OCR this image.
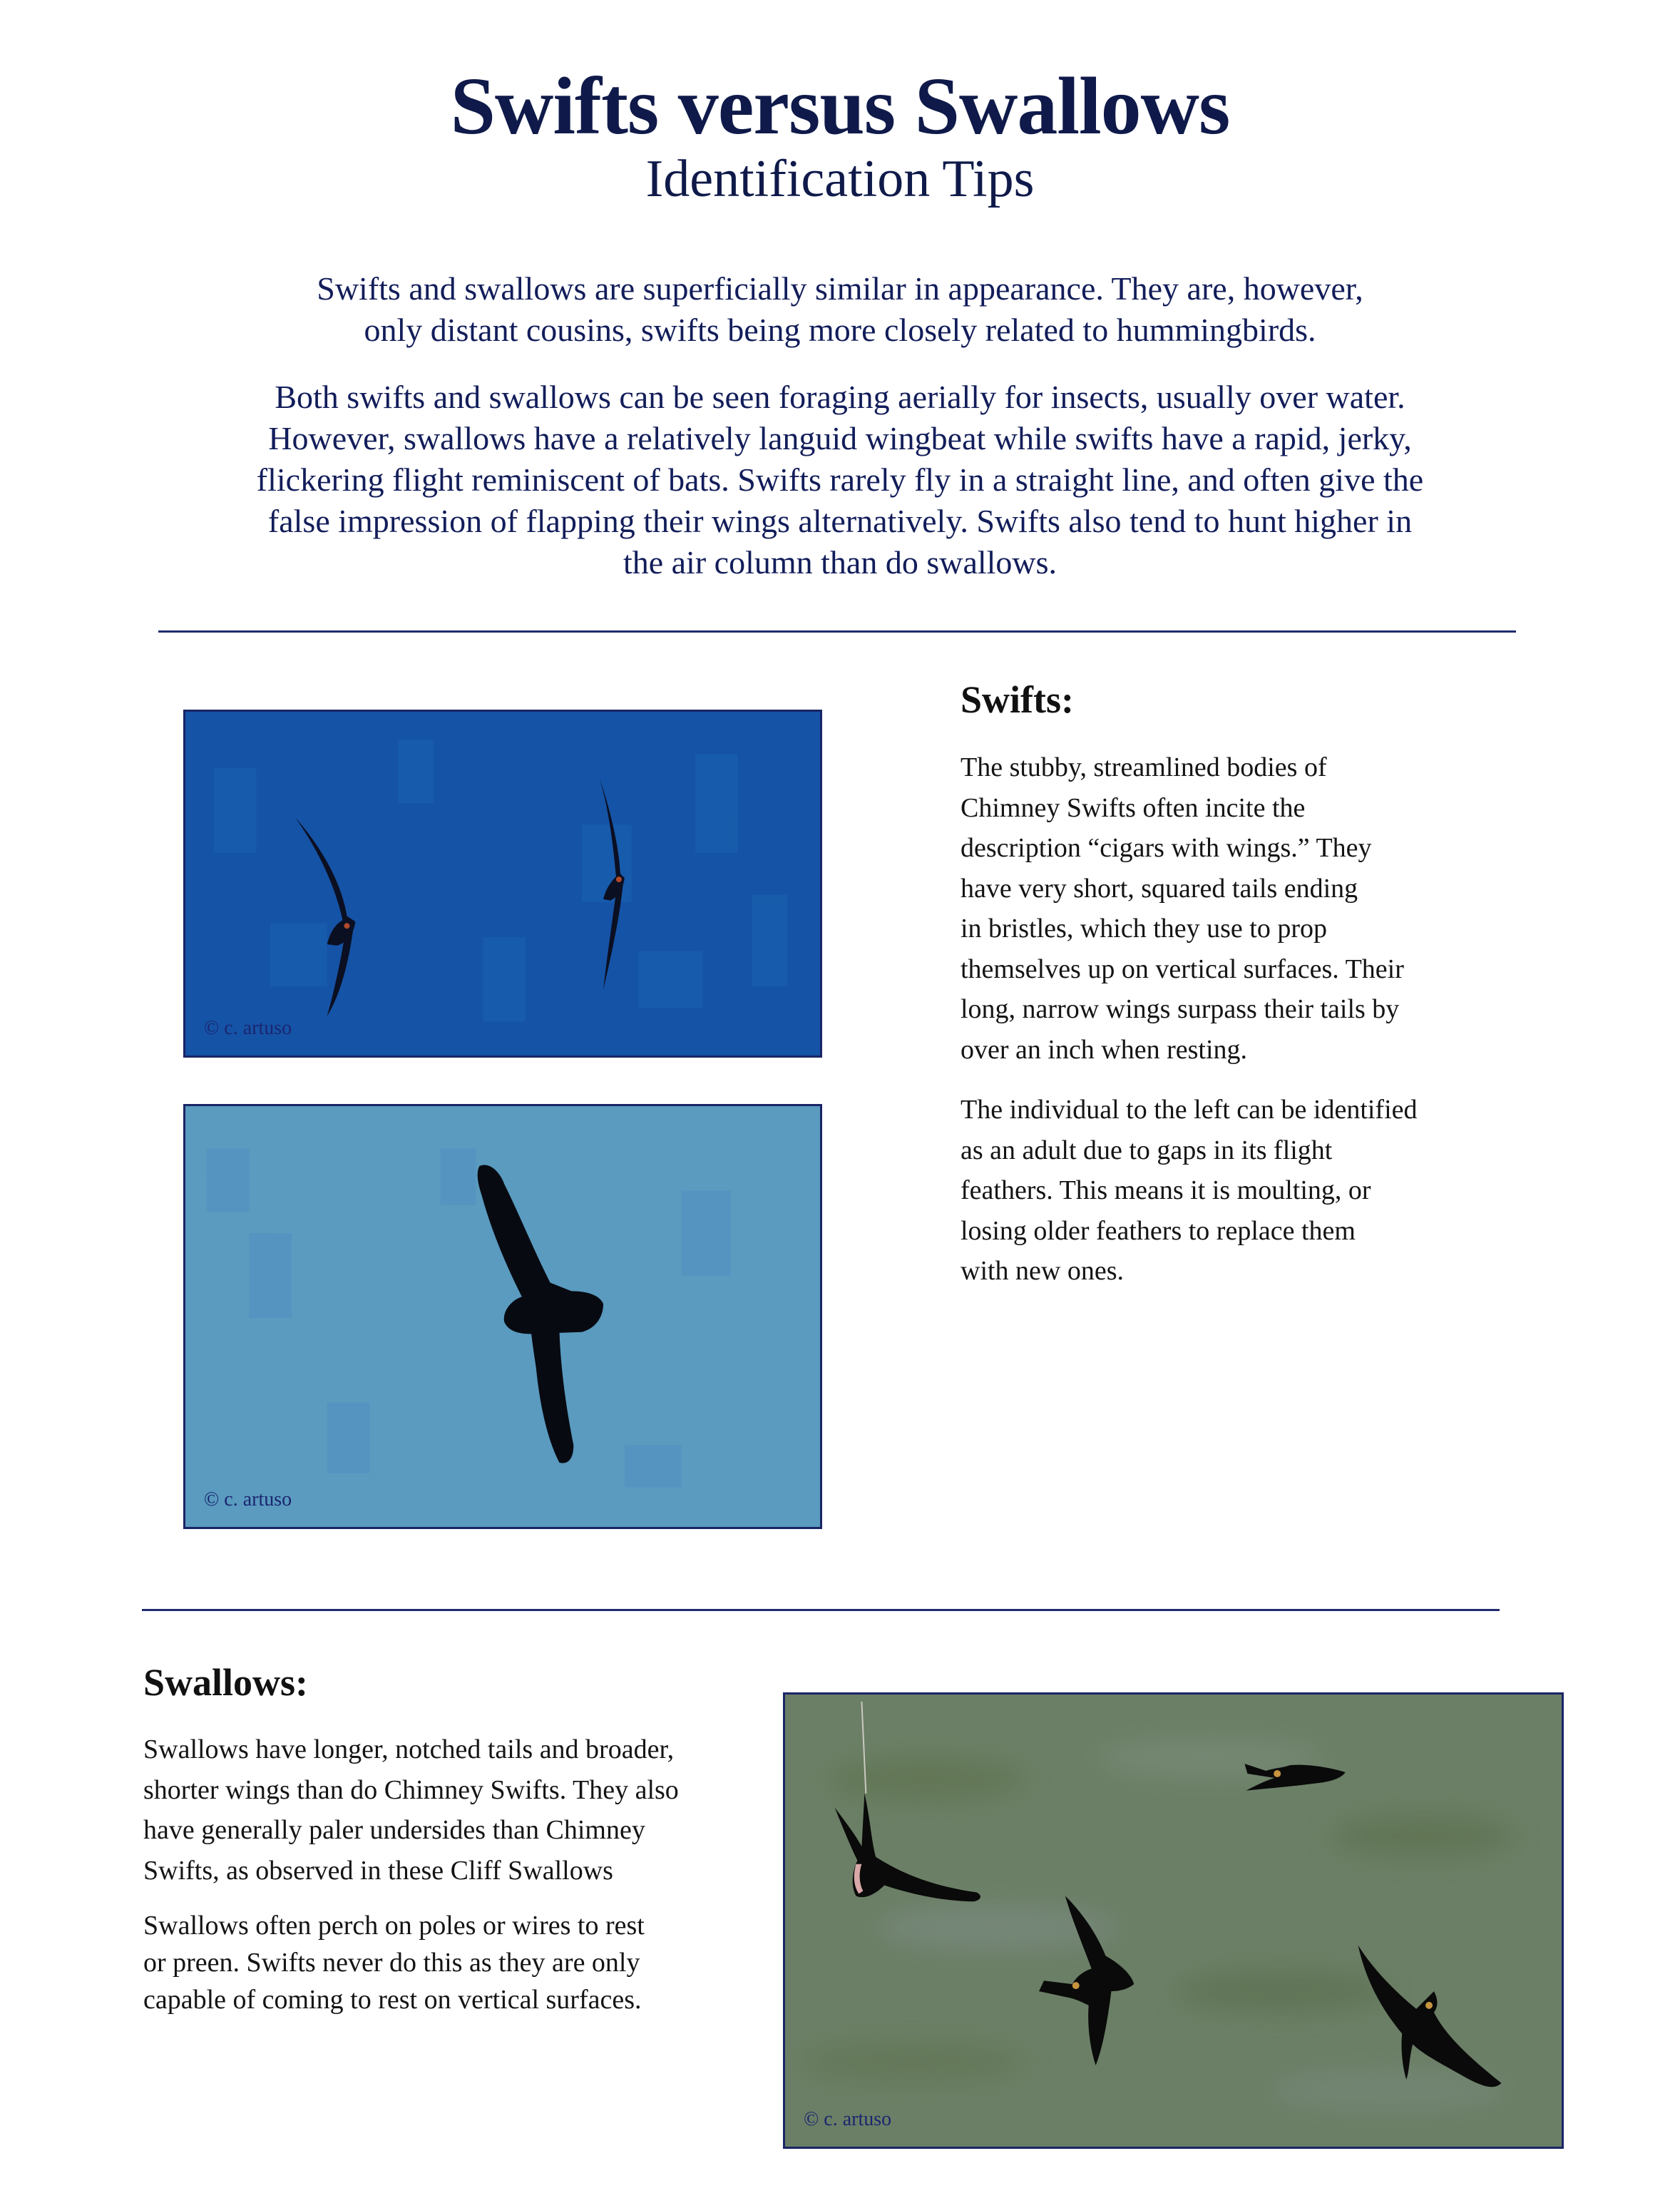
Swifts versus Swallows
Identification Tips
Swifts and swallows are superficially similar in appearance. They are, however,
only distant cousins, swifts being more closely related to hummingbirds.
Both swifts and swallows can be seen foraging aerially for insects, usually over water.
However, swallows have a relatively languid wingbeat while swifts have a rapid, jerky,
flickering flight reminiscent of bats. Swifts rarely fly in a straight line, and often give the
false impression of flapping their wings alternatively. Swifts also tend to hunt higher in
the air column than do swallows.
© c. artuso
© c. artuso
Swifts:
The stubby, streamlined bodies of
Chimney Swifts often incite the
description “cigars with wings.” They
have very short, squared tails ending
in bristles, which they use to prop
themselves up on vertical surfaces. Their
long, narrow wings surpass their tails by
over an inch when resting.
The individual to the left can be identified
as an adult due to gaps in its flight
feathers. This means it is moulting, or
losing older feathers to replace them
with new ones.
Swallows:
Swallows have longer, notched tails and broader,
shorter wings than do Chimney Swifts. They also
have generally paler undersides than Chimney
Swifts, as observed in these Cliff Swallows
Swallows often perch on poles or wires to rest
or preen. Swifts never do this as they are only
capable of coming to rest on vertical surfaces.
© c. artuso
